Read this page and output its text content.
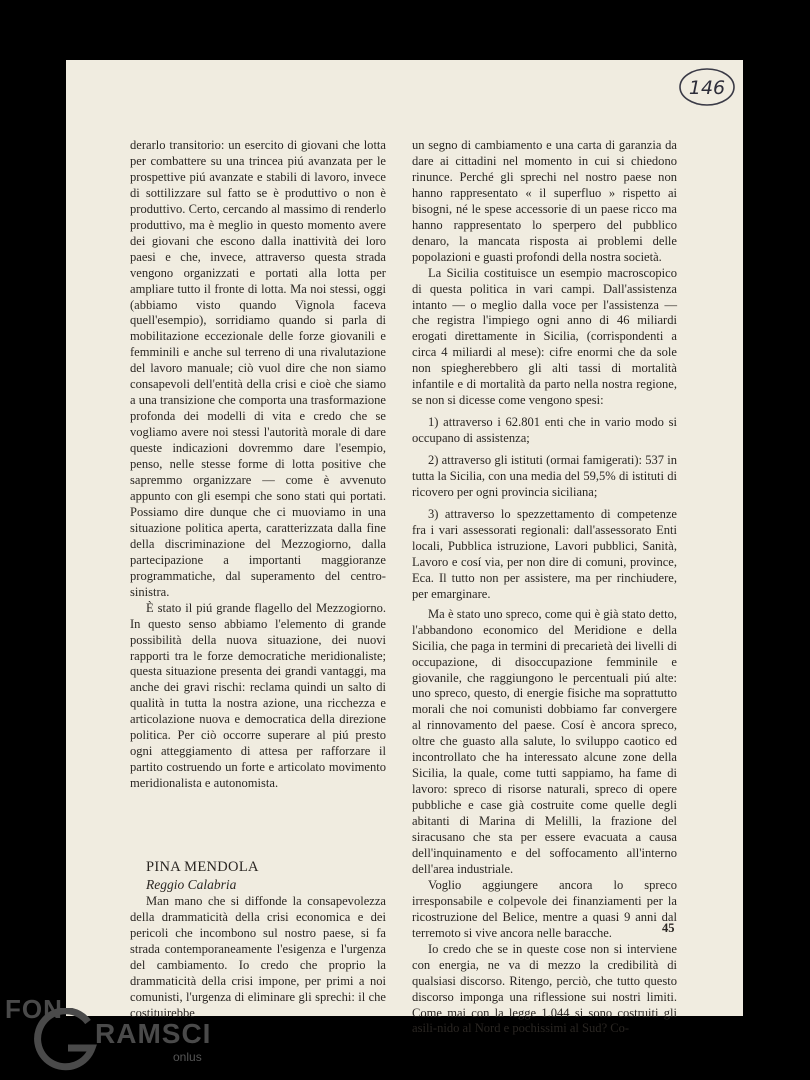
146

derarlo transitorio: un esercito di giovani che lotta per combattere su una trincea piú avanzata per le prospettive piú avanzate e stabili di lavoro, invece di sottilizzare sul fatto se è produttivo o non è produttivo. Certo, cercando al massimo di renderlo produttivo, ma è meglio in questo momento avere dei giovani che escono dalla inattività dei loro paesi e che, invece, attraverso questa strada vengono organizzati e portati alla lotta per ampliare tutto il fronte di lotta. Ma noi stessi, oggi (abbiamo visto quando Vignola faceva quell'esempio), sorridiamo quando si parla di mobilitazione eccezionale delle forze giovanili e femminili e anche sul terreno di una rivalutazione del lavoro manuale; ciò vuol dire che non siamo consapevoli dell'entità della crisi e cioè che siamo a una transizione che comporta una trasformazione profonda dei modelli di vita e credo che se vogliamo avere noi stessi l'autorità morale di dare queste indicazioni dovremmo dare l'esempio, penso, nelle stesse forme di lotta positive che sapremmo organizzare — come è avvenuto appunto con gli esempi che sono stati qui portati. Possiamo dire dunque che ci muoviamo in una situazione politica aperta, caratterizzata dalla fine della discriminazione del Mezzogiorno, dalla partecipazione a importanti maggioranze programmatiche, dal superamento del centro-sinistra.

È stato il piú grande flagello del Mezzogiorno. In questo senso abbiamo l'elemento di grande possibilità della nuova situazione, dei nuovi rapporti tra le forze democratiche meridionaliste; questa situazione presenta dei grandi vantaggi, ma anche dei gravi rischi: reclama quindi un salto di qualità in tutta la nostra azione, una ricchezza e articolazione nuova e democratica della direzione politica. Per ciò occorre superare al piú presto ogni atteggiamento di attesa per rafforzare il partito costruendo un forte e articolato movimento meridionalista e autonomista.

PINA MENDOLA

Reggio Calabria

Man mano che si diffonde la consapevolezza della drammaticità della crisi economica e dei pericoli che incombono sul nostro paese, si fa strada contemporaneamente l'esigenza e l'urgenza del cambiamento. Io credo che proprio la drammaticità della crisi impone, per primi a noi comunisti, l'urgenza di eliminare gli sprechi: il che costituirebbe

un segno di cambiamento e una carta di garanzia da dare ai cittadini nel momento in cui si chiedono rinunce. Perché gli sprechi nel nostro paese non hanno rappresentato « il superfluo » rispetto ai bisogni, né le spese accessorie di un paese ricco ma hanno rappresentato lo sperpero del pubblico denaro, la mancata risposta ai problemi delle popolazioni e guasti profondi della nostra società.

La Sicilia costituisce un esempio macroscopico di questa politica in vari campi. Dall'assistenza intanto — o meglio dalla voce per l'assistenza — che registra l'impiego ogni anno di 46 miliardi erogati direttamente in Sicilia, (corrispondenti a circa 4 miliardi al mese): cifre enormi che da sole non spiegherebbero gli alti tassi di mortalità infantile e di mortalità da parto nella nostra regione, se non si dicesse come vengono spesi:

1) attraverso i 62.801 enti che in vario modo si occupano di assistenza;

2) attraverso gli istituti (ormai famigerati): 537 in tutta la Sicilia, con una media del 59,5% di istituti di ricovero per ogni provincia siciliana;

3) attraverso lo spezzettamento di competenze fra i vari assessorati regionali: dall'assessorato Enti locali, Pubblica istruzione, Lavori pubblici, Sanità, Lavoro e cosí via, per non dire di comuni, province, Eca. Il tutto non per assistere, ma per rinchiudere, per emarginare.

Ma è stato uno spreco, come qui è già stato detto, l'abbandono economico del Meridione e della Sicilia, che paga in termini di precarietà dei livelli di occupazione, di disoccupazione femminile e giovanile, che raggiungono le percentuali piú alte: uno spreco, questo, di energie fisiche ma soprattutto morali che noi comunisti dobbiamo far convergere al rinnovamento del paese. Cosí è ancora spreco, oltre che guasto alla salute, lo sviluppo caotico ed incontrollato che ha interessato alcune zone della Sicilia, la quale, come tutti sappiamo, ha fame di lavoro: spreco di risorse naturali, spreco di opere pubbliche e case già costruite come quelle degli abitanti di Marina di Melilli, la frazione del siracusano che sta per essere evacuata a causa dell'inquinamento e del soffocamento all'interno dell'area industriale.

Voglio aggiungere ancora lo spreco irresponsabile e colpevole dei finanziamenti per la ricostruzione del Belice, mentre a quasi 9 anni dal terremoto si vive ancora nelle baracche.

Io credo che se in queste cose non si interviene con energia, ne va di mezzo la credibilità di qualsiasi discorso. Ritengo, perciò, che tutto questo discorso imponga una riflessione sui nostri limiti. Come mai con la legge 1.044 si sono costruiti gli asili-nido al Nord e pochissimi al Sud? Co-

45
FON
RAMSCI
onlus
